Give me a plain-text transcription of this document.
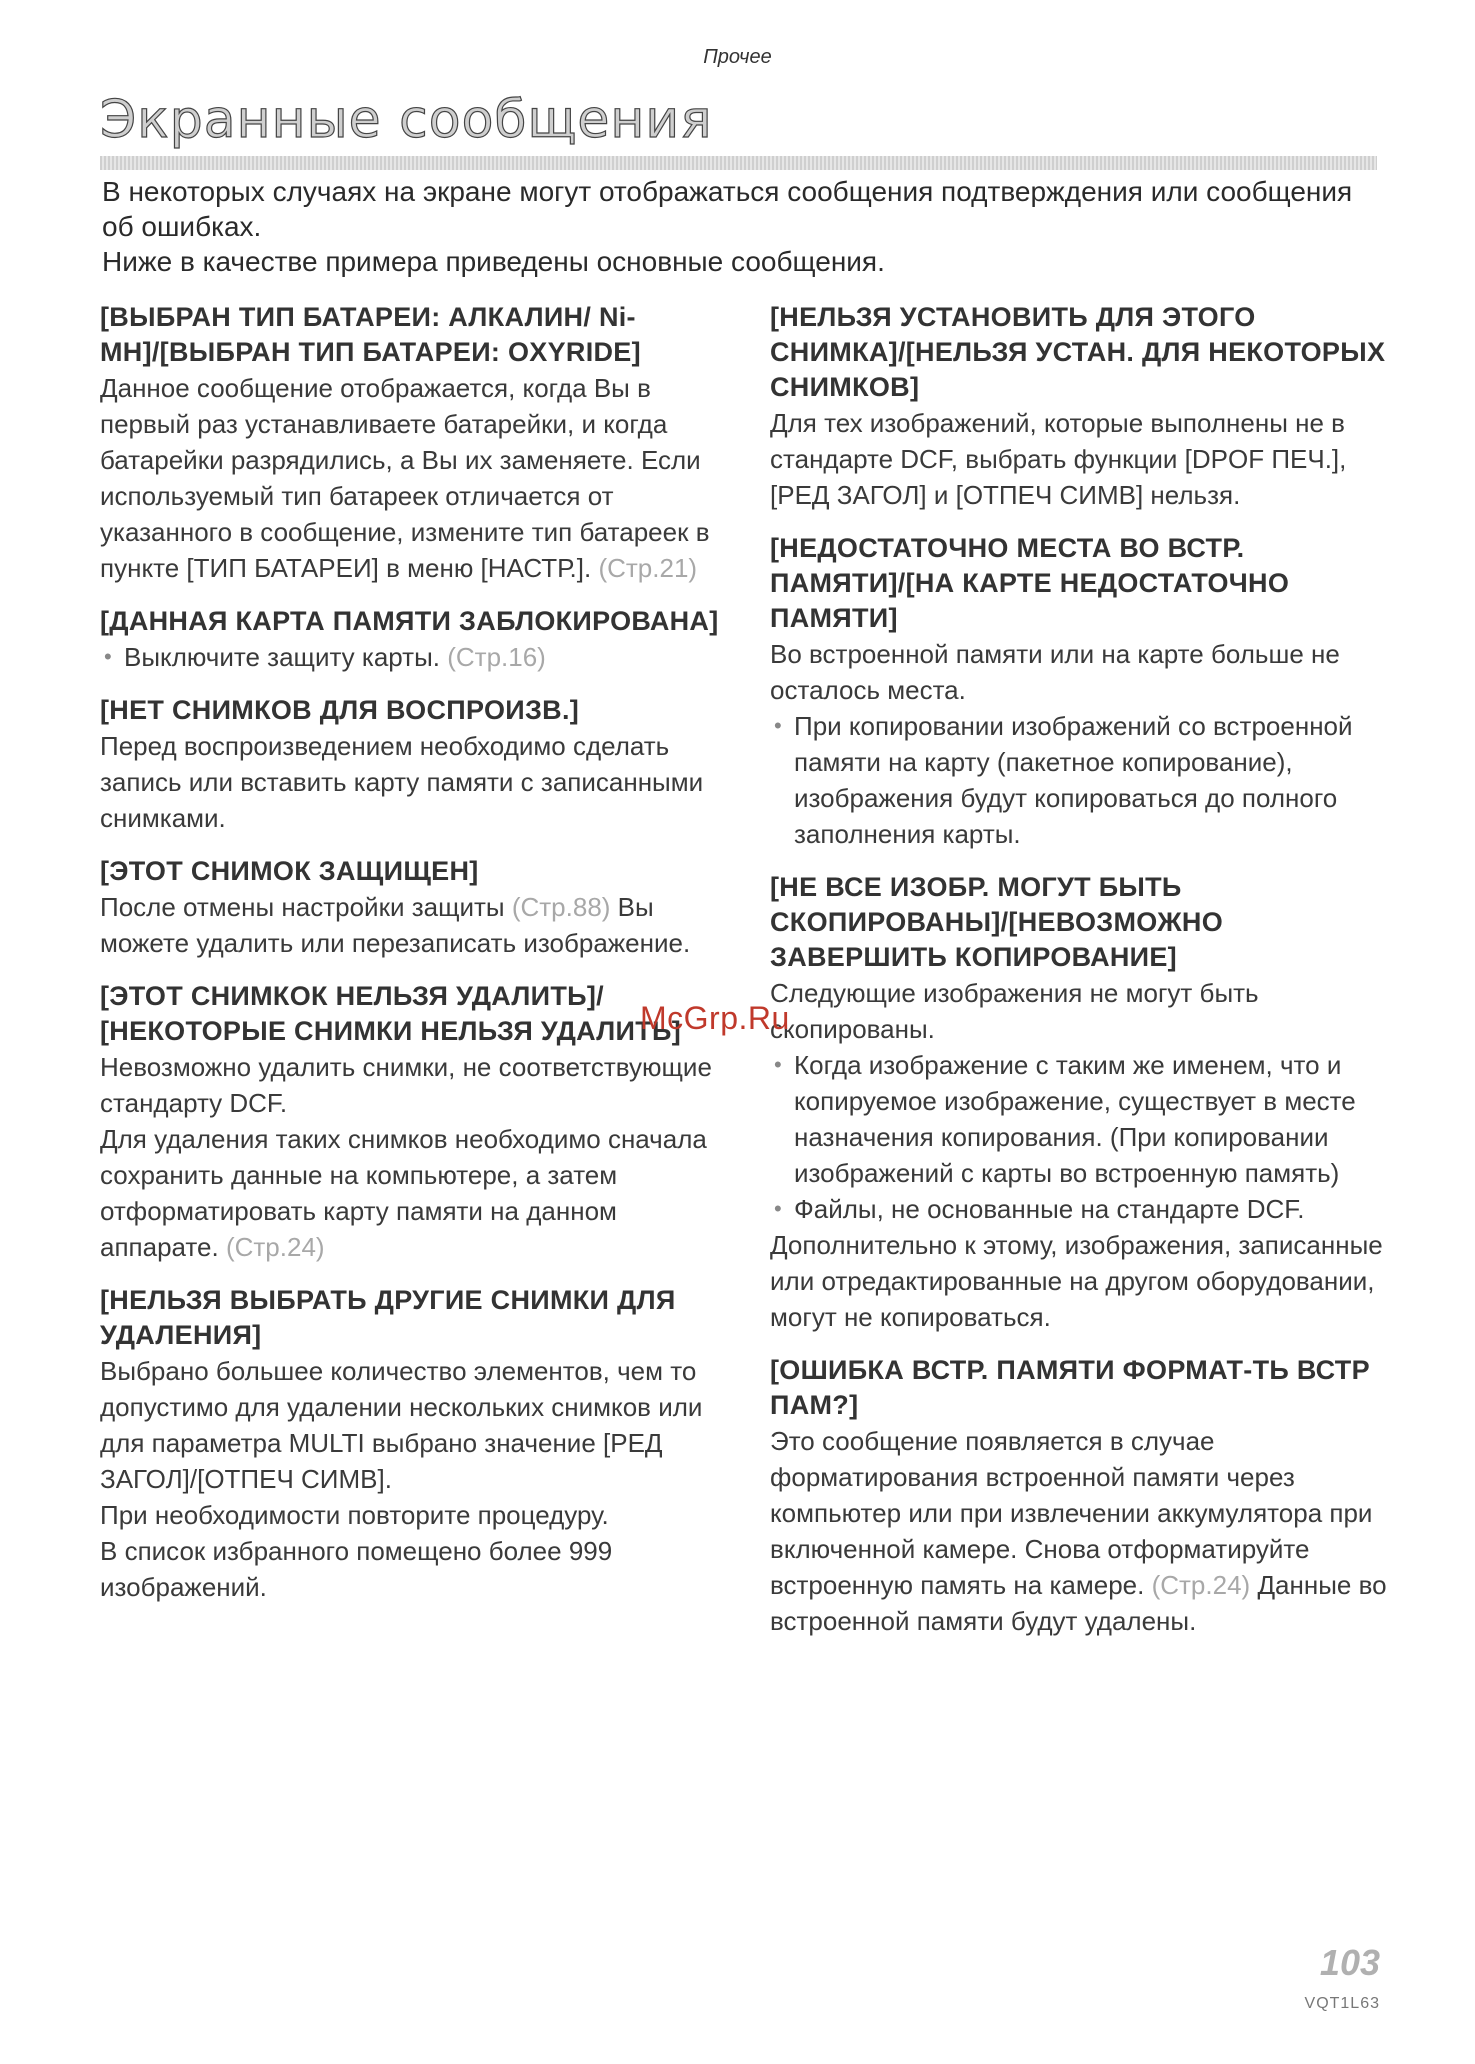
Прочее
Экранные сообщения

В некоторых случаях на экране могут отображаться сообщения подтверждения или сообщения об ошибках.

Ниже в качестве примера приведены основные сообщения.

[ВЫБРАН ТИП БАТАРЕИ: АЛКАЛИН/ Ni-MH]/[ВЫБРАН ТИП БАТАРЕИ: OXYRIDE]

Данное сообщение отображается, когда Вы в первый раз устанавливаете батарейки, и когда батарейки разрядились, а Вы их заменяете. Если используемый тип батареек отличается от указанного в сообщение, измените тип батареек в пункте [ТИП БАТАРЕИ] в меню [НАСТР.]. (Стр.21)

[ДАННАЯ КАРТА ПАМЯТИ ЗАБЛОКИРОВАНА]
• Выключите защиту карты. (Стр.16)
[НЕТ СНИМКОВ ДЛЯ ВОСПРОИЗВ.]

Перед воспроизведением необходимо сделать запись или вставить карту памяти с записанными снимками.

[ЭТОТ СНИМОК ЗАЩИЩЕН]

После отмены настройки защиты (Стр.88) Вы можете удалить или перезаписать изображение.

[ЭТОТ СНИМКОК НЕЛЬЗЯ УДАЛИТЬ]/ [НЕКОТОРЫЕ СНИМКИ НЕЛЬЗЯ УДАЛИТЬ]

Невозможно удалить снимки, не соответствующие стандарту DCF.

Для удаления таких снимков необходимо сначала сохранить данные на компьютере, а затем отформатировать карту памяти на данном аппарате. (Стр.24)

[НЕЛЬЗЯ ВЫБРАТЬ ДРУГИЕ СНИМКИ ДЛЯ УДАЛЕНИЯ]

Выбрано большее количество элементов, чем то допустимо для удалении нескольких снимков или для параметра MULTI выбрано значение [РЕД ЗАГОЛ]/[ОТПЕЧ СИМВ].

При необходимости повторите процедуру.

В список избранного помещено более 999 изображений.

[НЕЛЬЗЯ УСТАНОВИТЬ ДЛЯ ЭТОГО СНИМКА]/[НЕЛЬЗЯ УСТАН. ДЛЯ НЕКОТОРЫХ СНИМКОВ]

Для тех изображений, которые выполнены не в стандарте DCF, выбрать функции [DPOF ПЕЧ.], [РЕД ЗАГОЛ] и [ОТПЕЧ СИМВ] нельзя.

[НЕДОСТАТОЧНО МЕСТА ВО ВСТР. ПАМЯТИ]/[НА КАРТЕ НЕДОСТАТОЧНО ПАМЯТИ]

Во встроенной памяти или на карте больше не осталось места.

• При копировании изображений со встроенной памяти на карту (пакетное копирование), изображения будут копироваться до полного заполнения карты.
[НЕ ВСЕ ИЗОБР. МОГУТ БЫТЬ СКОПИРОВАНЫ]/[НЕВОЗМОЖНО ЗАВЕРШИТЬ КОПИРОВАНИЕ]

Следующие изображения не могут быть скопированы.

• Когда изображение с таким же именем, что и копируемое изображение, существует в месте назначения копирования. (При копировании изображений с карты во встроенную память)
• Файлы, не основанные на стандарте DCF.

Дополнительно к этому, изображения, записанные или отредактированные на другом оборудовании, могут не копироваться.

[ОШИБКА ВСТР. ПАМЯТИ ФОРМАТ-ТЬ ВСТР ПАМ?]

Это сообщение появляется в случае форматирования встроенной памяти через компьютер или при извлечении аккумулятора при включенной камере. Снова отформатируйте встроенную память на камере. (Стр.24) Данные во встроенной памяти будут удалены.

McGrp.Ru
103
VQT1L63
